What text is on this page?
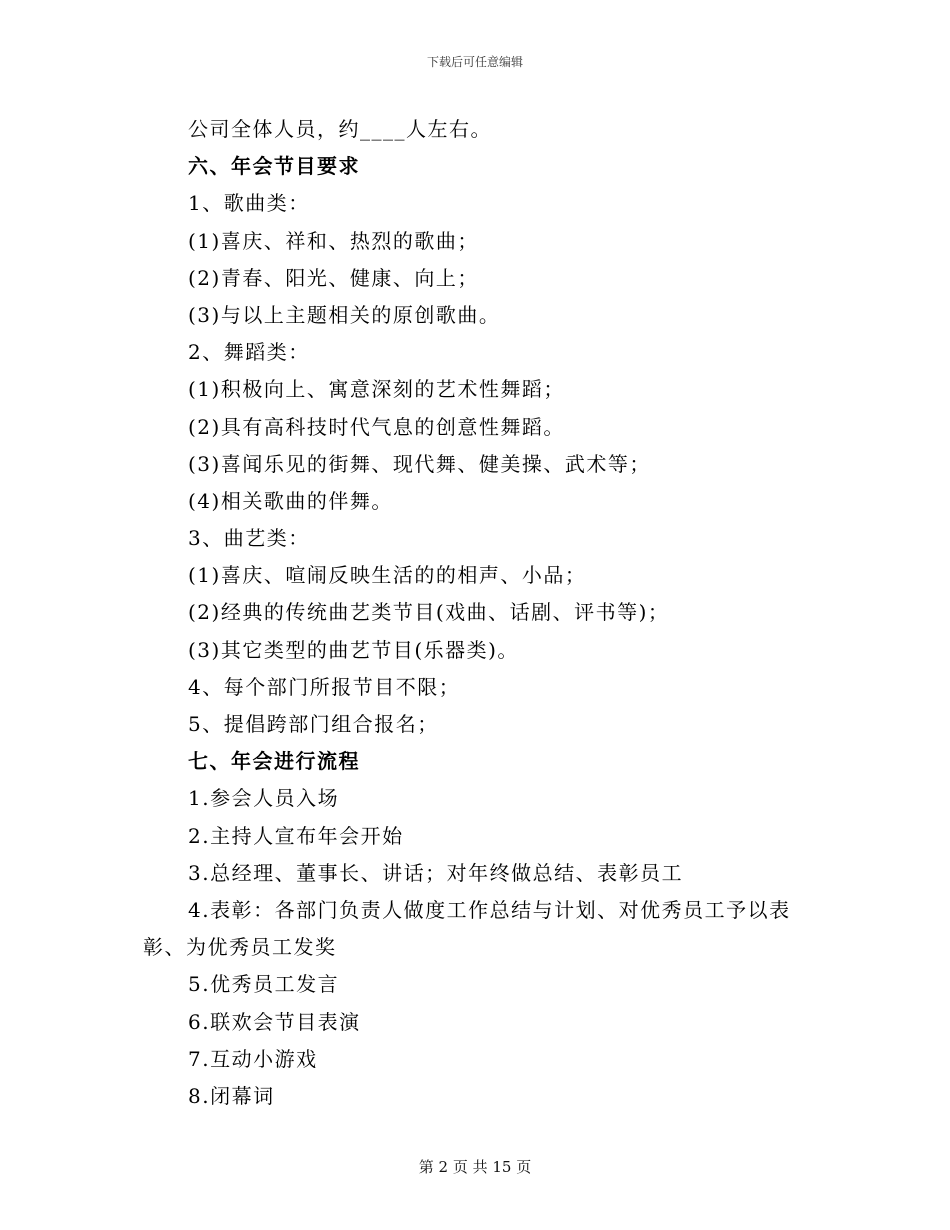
下载后可任意编辑
公司全体人员，约____人左右。
六、年会节目要求
1、歌曲类：
(1)喜庆、祥和、热烈的歌曲；
(2)青春、阳光、健康、向上；
(3)与以上主题相关的原创歌曲。
2、舞蹈类：
(1)积极向上、寓意深刻的艺术性舞蹈；
(2)具有高科技时代气息的创意性舞蹈。
(3)喜闻乐见的街舞、现代舞、健美操、武术等；
(4)相关歌曲的伴舞。
3、曲艺类：
(1)喜庆、喧闹反映生活的的相声、小品；
(2)经典的传统曲艺类节目(戏曲、话剧、评书等)；
(3)其它类型的曲艺节目(乐器类)。
4、每个部门所报节目不限；
5、提倡跨部门组合报名；
七、年会进行流程
1.参会人员入场
2.主持人宣布年会开始
3.总经理、董事长、讲话；对年终做总结、表彰员工
4.表彰：各部门负责人做度工作总结与计划、对优秀员工予以表彰、为优秀员工发奖
5.优秀员工发言
6.联欢会节目表演
7.互动小游戏
8.闭幕词
第 2 页 共 15 页
